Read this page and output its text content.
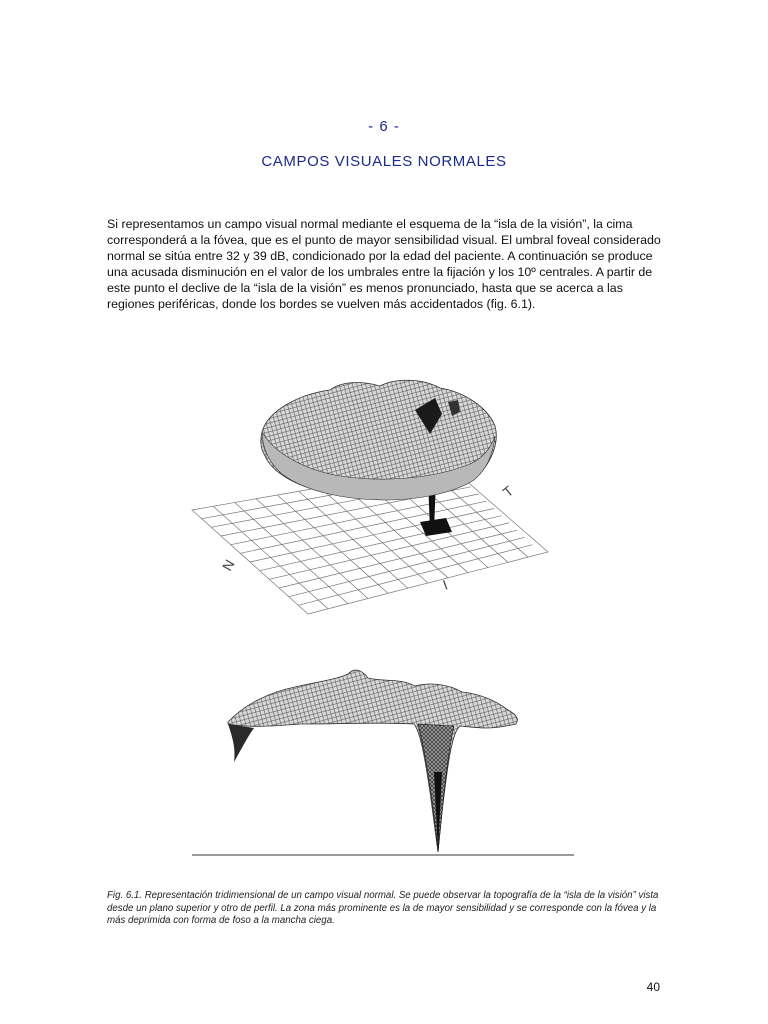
- 6 -
CAMPOS VISUALES NORMALES
Si representamos un campo visual normal mediante el esquema de la “isla de la visión”, la cima corresponderá a la fóvea, que es el punto de mayor sensibilidad visual. El umbral foveal considerado normal se sitúa entre 32 y 39 dB, condicionado por la edad del paciente. A continuación se produce una acusada disminución en el valor de los umbrales entre la fijación y los 10º centrales. A partir de este punto el declive de la “isla de la visión” es menos pronunciado, hasta que se acerca a las regiones periféricas, donde los bordes se vuelven más accidentados (fig. 6.1).
N
T
I
Fig. 6.1. Representación tridimensional de un campo visual normal. Se puede observar la topografía de la “isla de la visión” vista desde un plano superior y otro de perfil. La zona más prominente es la de mayor sensibilidad y se corresponde con la fóvea y la más deprimida con forma de foso a la mancha ciega.
40
